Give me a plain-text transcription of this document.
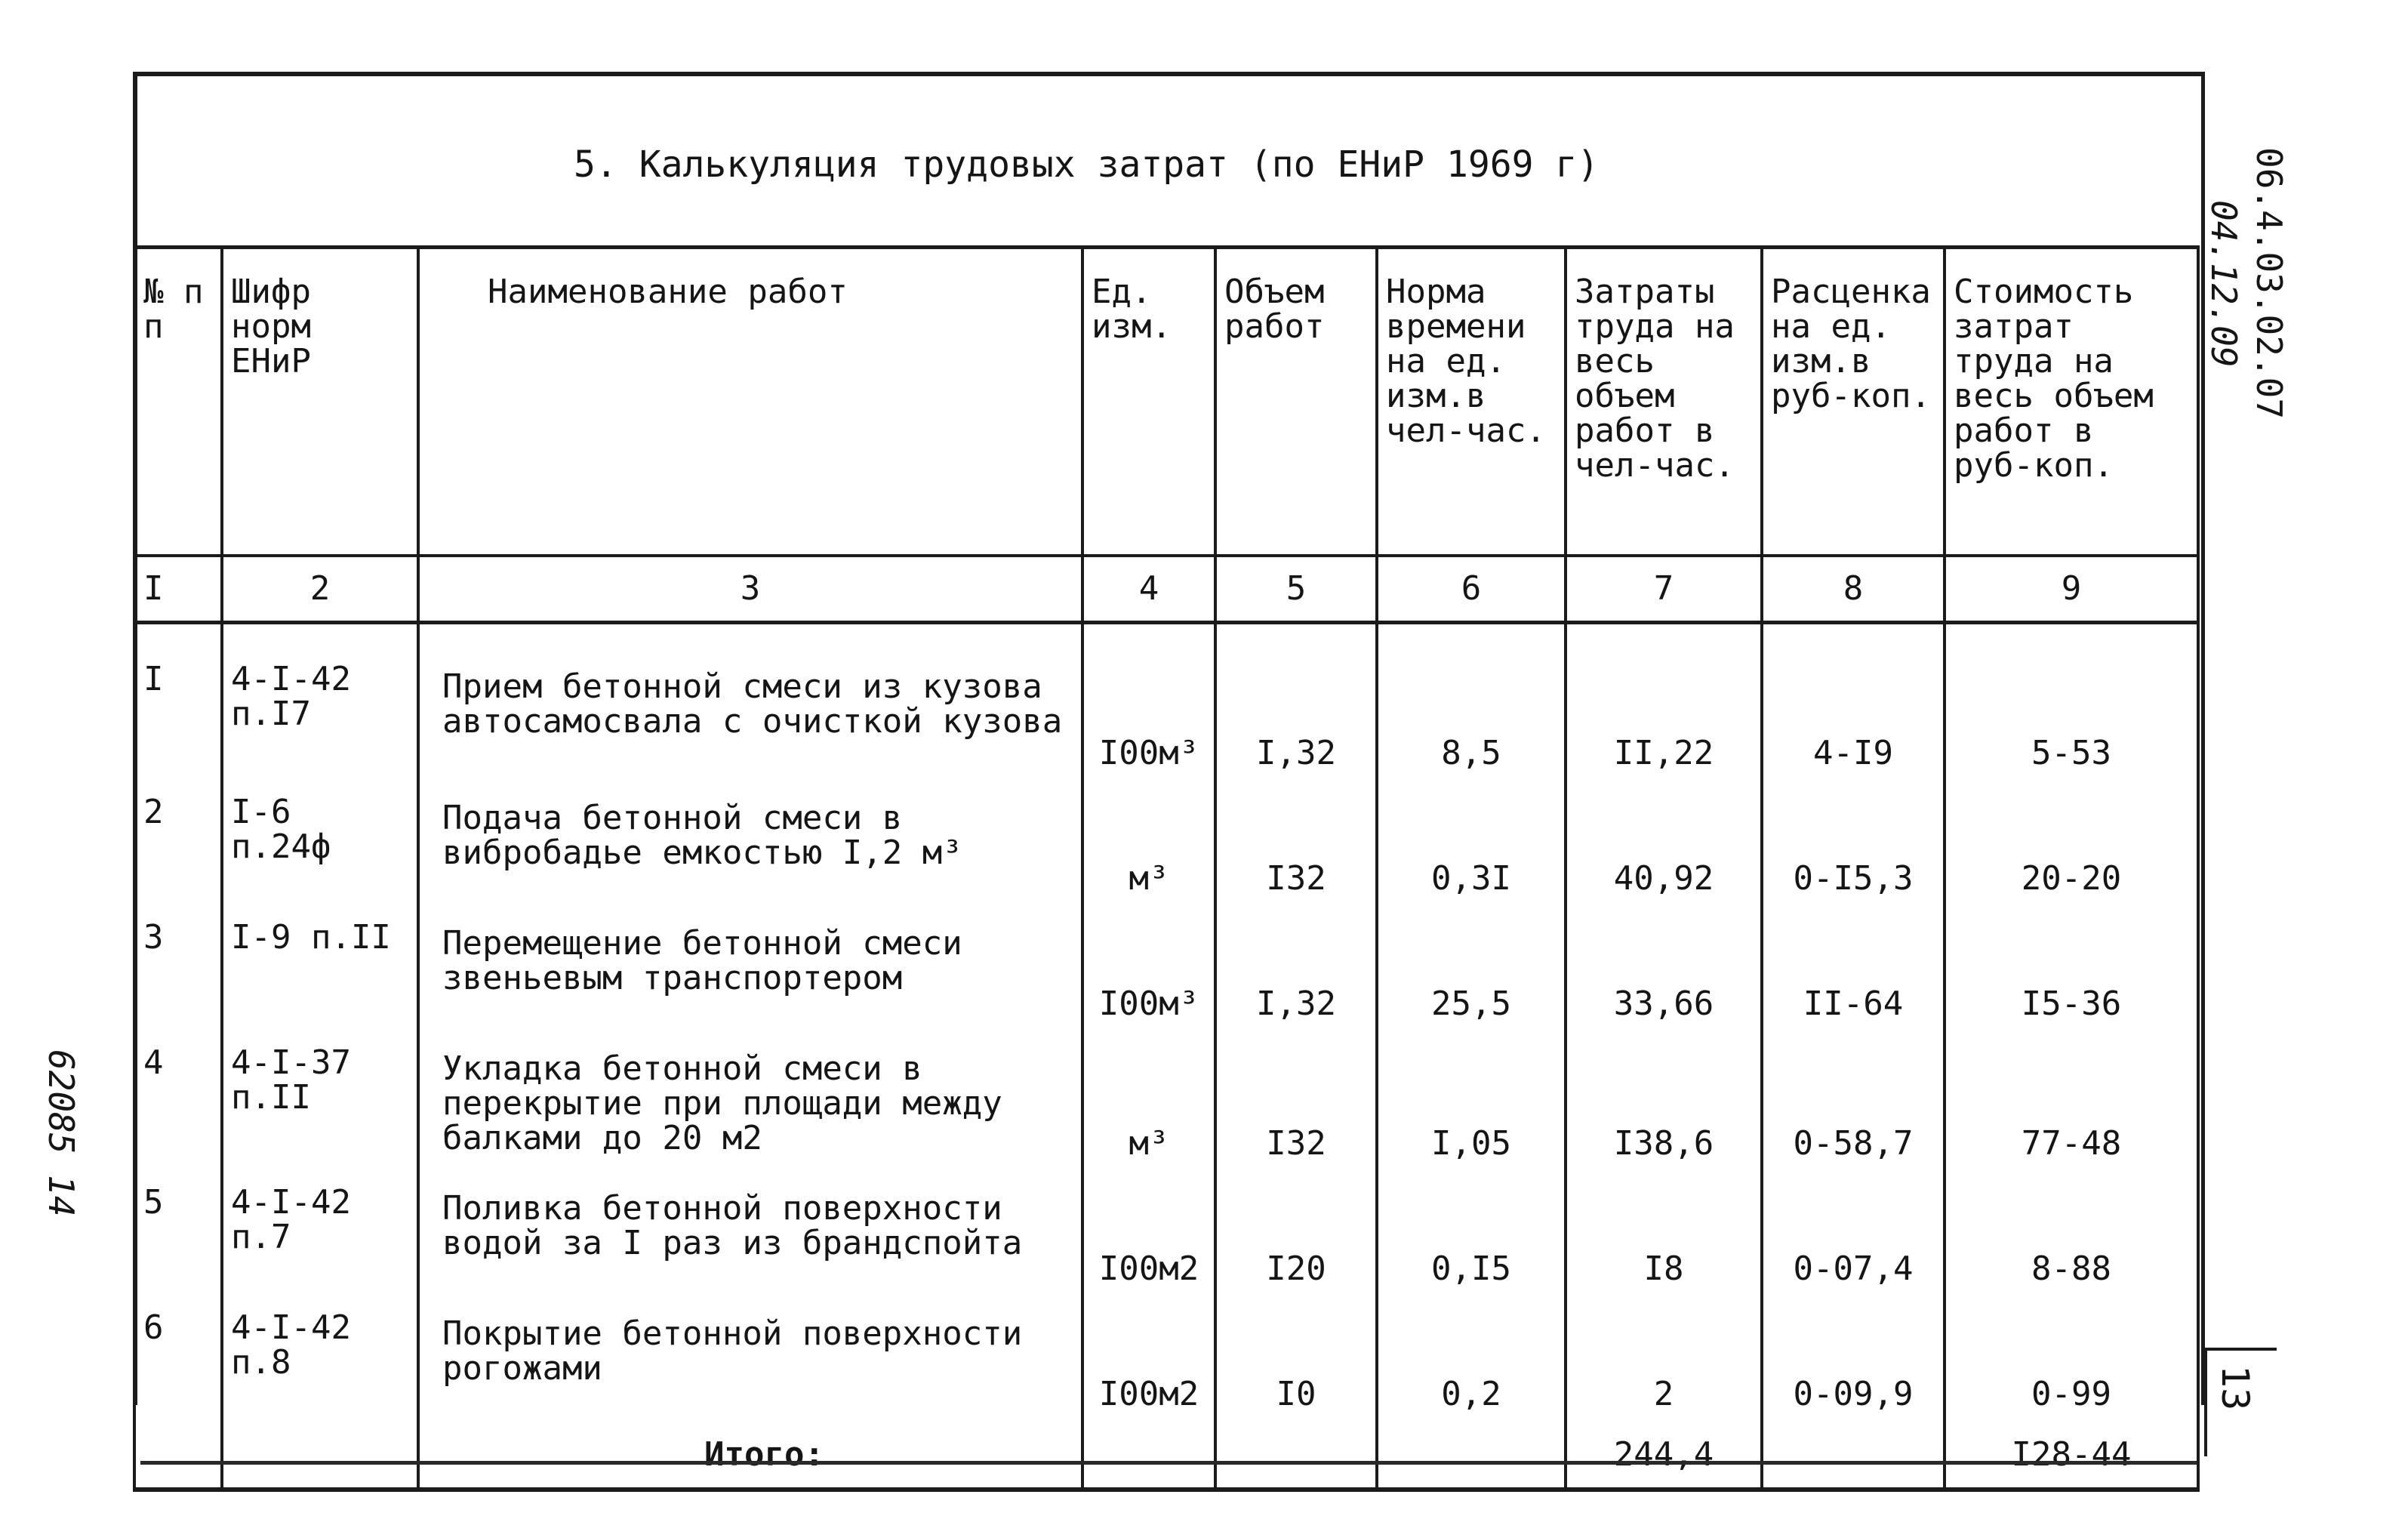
5. Калькуляция трудовых затрат (по ЕНиР 1969 г)	06.4.03.02.07
04.12.09
62085 14
№ п п	Шифр норм ЕНиР	Наименование работ	Ед. изм.	Объем работ	Норма времени на ед. изм.в чел-час.	Затраты труда на весь объем работ в чел-час.	Расценка на ед. изм.в руб-коп.	Стоимость затрат труда на весь объем работ в руб-коп.
I	2	3	4	5	6	7	8	9
I	4-I-42 п.I7	Прием бетонной смеси из кузова автосамосвала с очисткой кузова	I00м³	I,32	8,5	II,22	4-I9	5-53
2	I-6 п.24ф	Подача бетонной смеси в вибробадье емкостью I,2 м³	м³	I32	0,3I	40,92	0-I5,3	20-20
3	I-9 п.II	Перемещение бетонной смеси звеньевым транспортером	I00м³	I,32	25,5	33,66	II-64	I5-36
4	4-I-37 п.II	Укладка бетонной смеси в перекрытие при площади между балками до 20 м2	м³	I32	I,05	I38,6	0-58,7	77-48
5	4-I-42 п.7	Поливка бетонной поверхности водой за I раз из брандспойта	I00м2	I20	0,I5	I8	0-07,4	8-88
6	4-I-42 п.8	Покрытие бетонной поверхности рогожами	I00м2	I0	0,2	2	0-09,9	0-99
		Итого:				244,4		I28-44
13
